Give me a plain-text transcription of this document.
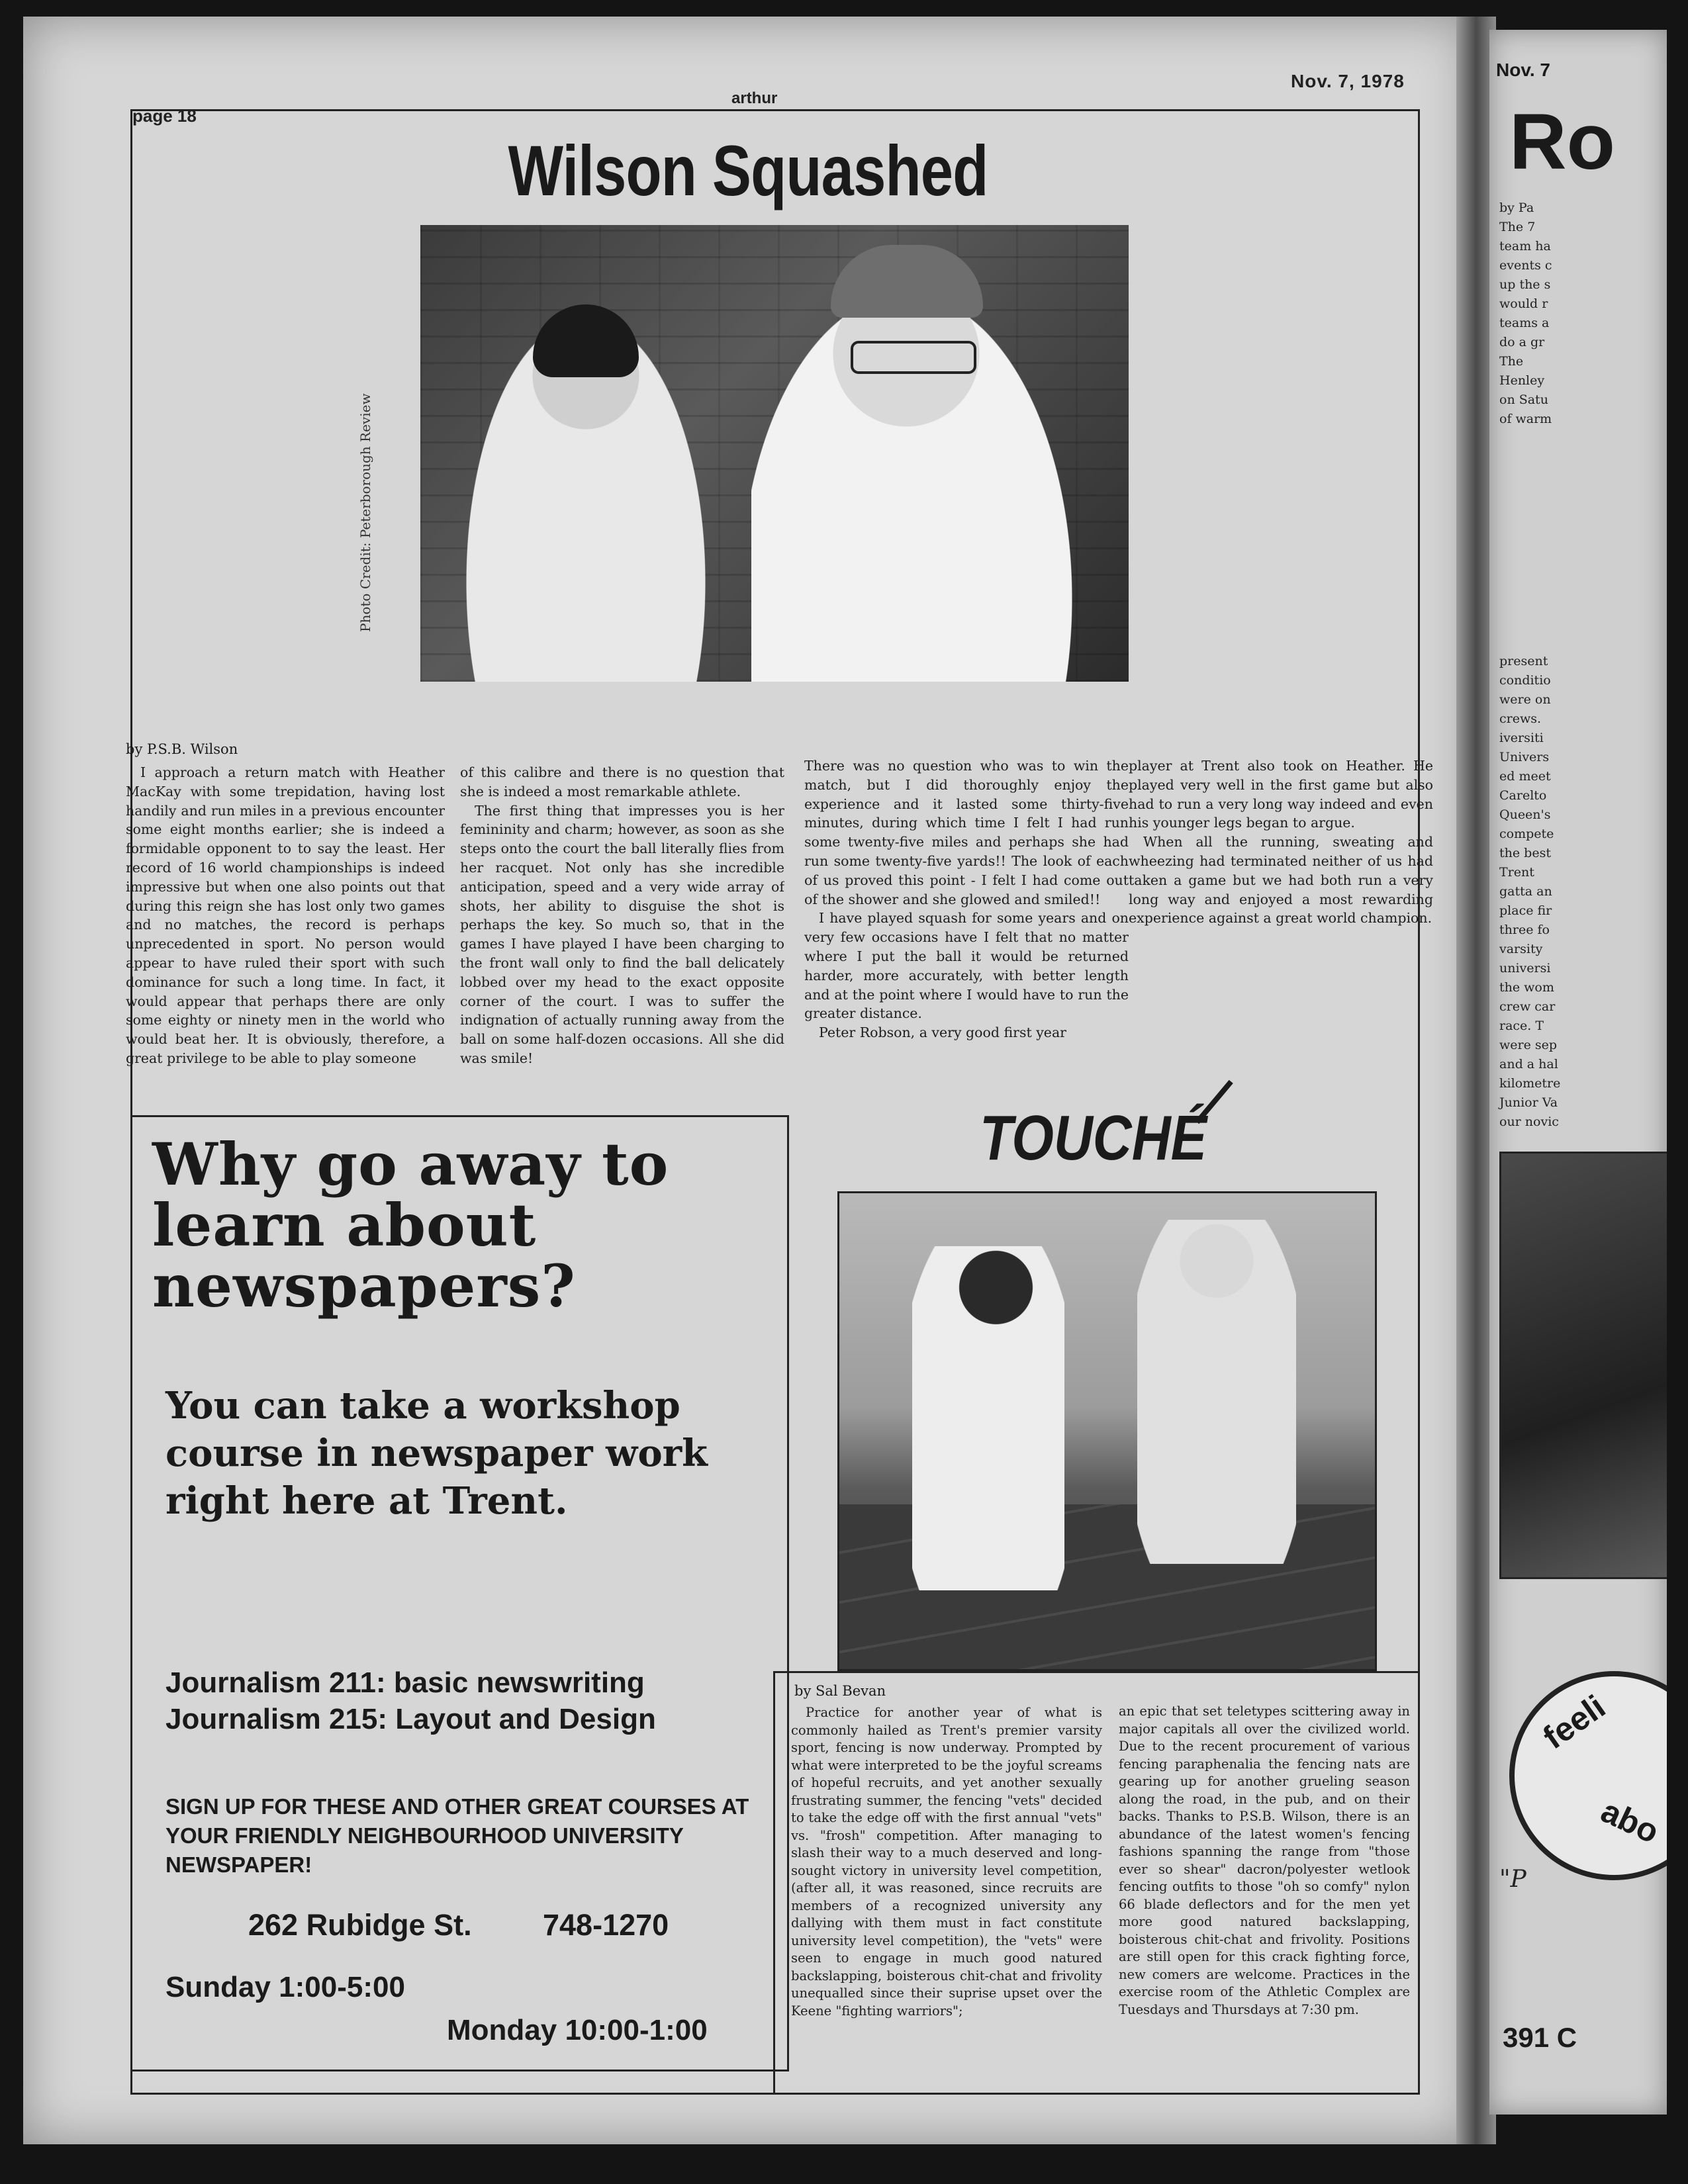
page 18
arthur
Nov. 7, 1978
Wilson Squashed
Photo Credit: Peterborough Review
by P.S.B. Wilson

I approach a return match with Heather MacKay with some trepidation, having lost handily and run miles in a previous encounter some eight months earlier; she is indeed a formidable opponent to to say the least. Her record of 16 world championships is indeed impressive but when one also points out that during this reign she has lost only two games and no matches, the record is perhaps unprecedented in sport. No person would appear to have ruled their sport with such dominance for such a long time. In fact, it would appear that perhaps there are only some eighty or ninety men in the world who would beat her. It is obviously, therefore, a great privilege to be able to play someone

of this calibre and there is no question that she is indeed a most remarkable athlete.

The first thing that impresses you is her femininity and charm; however, as soon as she steps onto the court the ball literally flies from her racquet. Not only has she incredible anticipation, speed and a very wide array of shots, her ability to disguise the shot is perhaps the key. So much so, that in the games I have played I have been charging to the front wall only to find the ball delicately lobbed over my head to the exact opposite corner of the court. I was to suffer the indignation of actually running away from the ball on some half-dozen occasions. All she did was smile!

There was no question who was to win the match, but I did thoroughly enjoy the experience and it lasted some thirty-five minutes, during which time I felt I had run some twenty-five miles and perhaps she had run some twenty-five yards!! The look of each of us proved this point - I felt I had come out of the shower and she glowed and smiled!!

I have played squash for some years and on very few occasions have I felt that no matter where I put the ball it would be returned harder, more accurately, with better length and at the point where I would have to run the greater distance.

Peter Robson, a very good first year

player at Trent also took on Heather. He played very well in the first game but also had to run a very long way indeed and even his younger legs began to argue.

When all the running, sweating and wheezing had terminated neither of us had taken a game but we had both run a very long way and enjoyed a most rewarding experience against a great world champion.

Why go away to learn about newspapers?
You can take a workshop course in newspaper work right here at Trent.
Journalism 211: basic newswriting
Journalism 215: Layout and Design
SIGN UP FOR THESE AND OTHER GREAT COURSES AT YOUR FRIENDLY NEIGHBOURHOOD UNIVERSITY NEWSPAPER!
262 Rubidge St. 748-1270
Sunday 1:00-5:00
Monday 10:00-1:00
TOUCHÉ
by Sal Bevan

Practice for another year of what is commonly hailed as Trent's premier varsity sport, fencing is now underway. Prompted by what were interpreted to be the joyful screams of hopeful recruits, and yet another sexually frustrating summer, the fencing "vets" decided to take the edge off with the first annual "vets" vs. "frosh" competition. After managing to slash their way to a much deserved and long-sought victory in university level competition,(after all, it was reasoned, since recruits are members of a recognized university any dallying with them must in fact constitute university level competition), the "vets" were seen to engage in much good natured backslapping, boisterous chit-chat and frivolity unequalled since their suprise upset over the Keene "fighting warriors";

an epic that set teletypes scittering away in major capitals all over the civilized world. Due to the recent procurement of various fencing paraphenalia the fencing nats are gearing up for another grueling season along the road, in the pub, and on their backs. Thanks to P.S.B. Wilson, there is an abundance of the latest women's fencing fashions spanning the range from "those ever so shear" dacron/polyester wetlook fencing outfits to those "oh so comfy" nylon 66 blade deflectors and for the men yet more good natured backslapping, boisterous chit-chat and frivolity. Positions are still open for this crack fighting force, new comers are welcome. Practices in the exercise room of the Athletic Complex are Tuesdays and Thursdays at 7:30 pm.

Nov. 7
Ro
by Pa
The 7
team ha
events c
up the s
would r
teams a
do a gr
The
Henley
on Satu
of warm
present
conditio
were on
crews.
iversiti
Univers
ed meet
Carelto
Queen's
compete
the best
Trent
gatta an
place fir
three fo
varsity
universi
the wom
crew car
race. T
were sep
and a hal
kilometre
Junior Va
our novic
feeli
abo
"P
391 C
